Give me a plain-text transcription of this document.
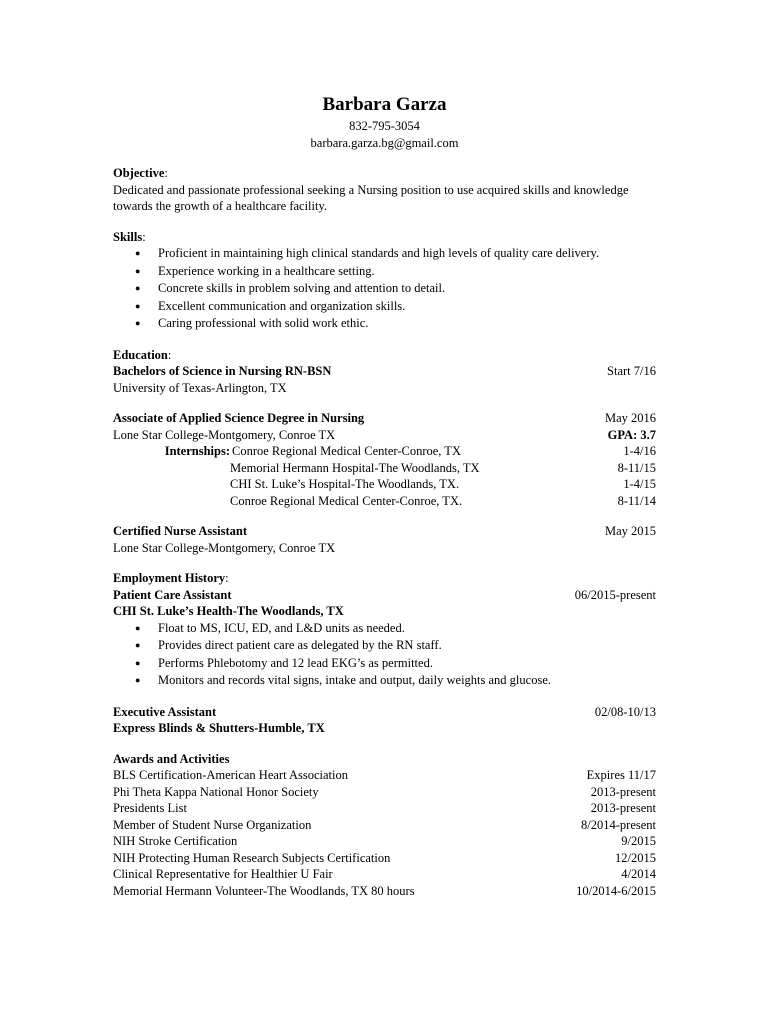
Barbara Garza
832-795-3054
barbara.garza.bg@gmail.com
Objective:
Dedicated and passionate professional seeking a Nursing position to use acquired skills and knowledge towards the growth of a healthcare facility.
Skills:
● Proficient in maintaining high clinical standards and high levels of quality care delivery.
● Experience working in a healthcare setting.
● Concrete skills in problem solving and attention to detail.
● Excellent communication and organization skills.
● Caring professional with solid work ethic.
Education:
Bachelors of Science in Nursing RN-BSN	Start 7/16
University of Texas-Arlington, TX
Associate of Applied Science Degree in Nursing	May 2016
Lone Star College-Montgomery, Conroe TX	GPA: 3.7
Internships: Conroe Regional Medical Center-Conroe, TX	1-4/16
Memorial Hermann Hospital-The Woodlands, TX	8-11/15
CHI St. Luke’s Hospital-The Woodlands, TX.	1-4/15
Conroe Regional Medical Center-Conroe, TX.	8-11/14
Certified Nurse Assistant	May 2015
Lone Star College-Montgomery, Conroe TX
Employment History:
Patient Care Assistant	06/2015-present
CHI St. Luke’s Health-The Woodlands, TX
● Float to MS, ICU, ED, and L&D units as needed.
● Provides direct patient care as delegated by the RN staff.
● Performs Phlebotomy and 12 lead EKG’s as permitted.
● Monitors and records vital signs, intake and output, daily weights and glucose.
Executive Assistant	02/08-10/13
Express Blinds & Shutters-Humble, TX
Awards and Activities
BLS Certification-American Heart Association	Expires 11/17
Phi Theta Kappa National Honor Society	2013-present
Presidents List	2013-present
Member of Student Nurse Organization	8/2014-present
NIH Stroke Certification	9/2015
NIH Protecting Human Research Subjects Certification	12/2015
Clinical Representative for Healthier U Fair	4/2014
Memorial Hermann Volunteer-The Woodlands, TX 80 hours	10/2014-6/2015
